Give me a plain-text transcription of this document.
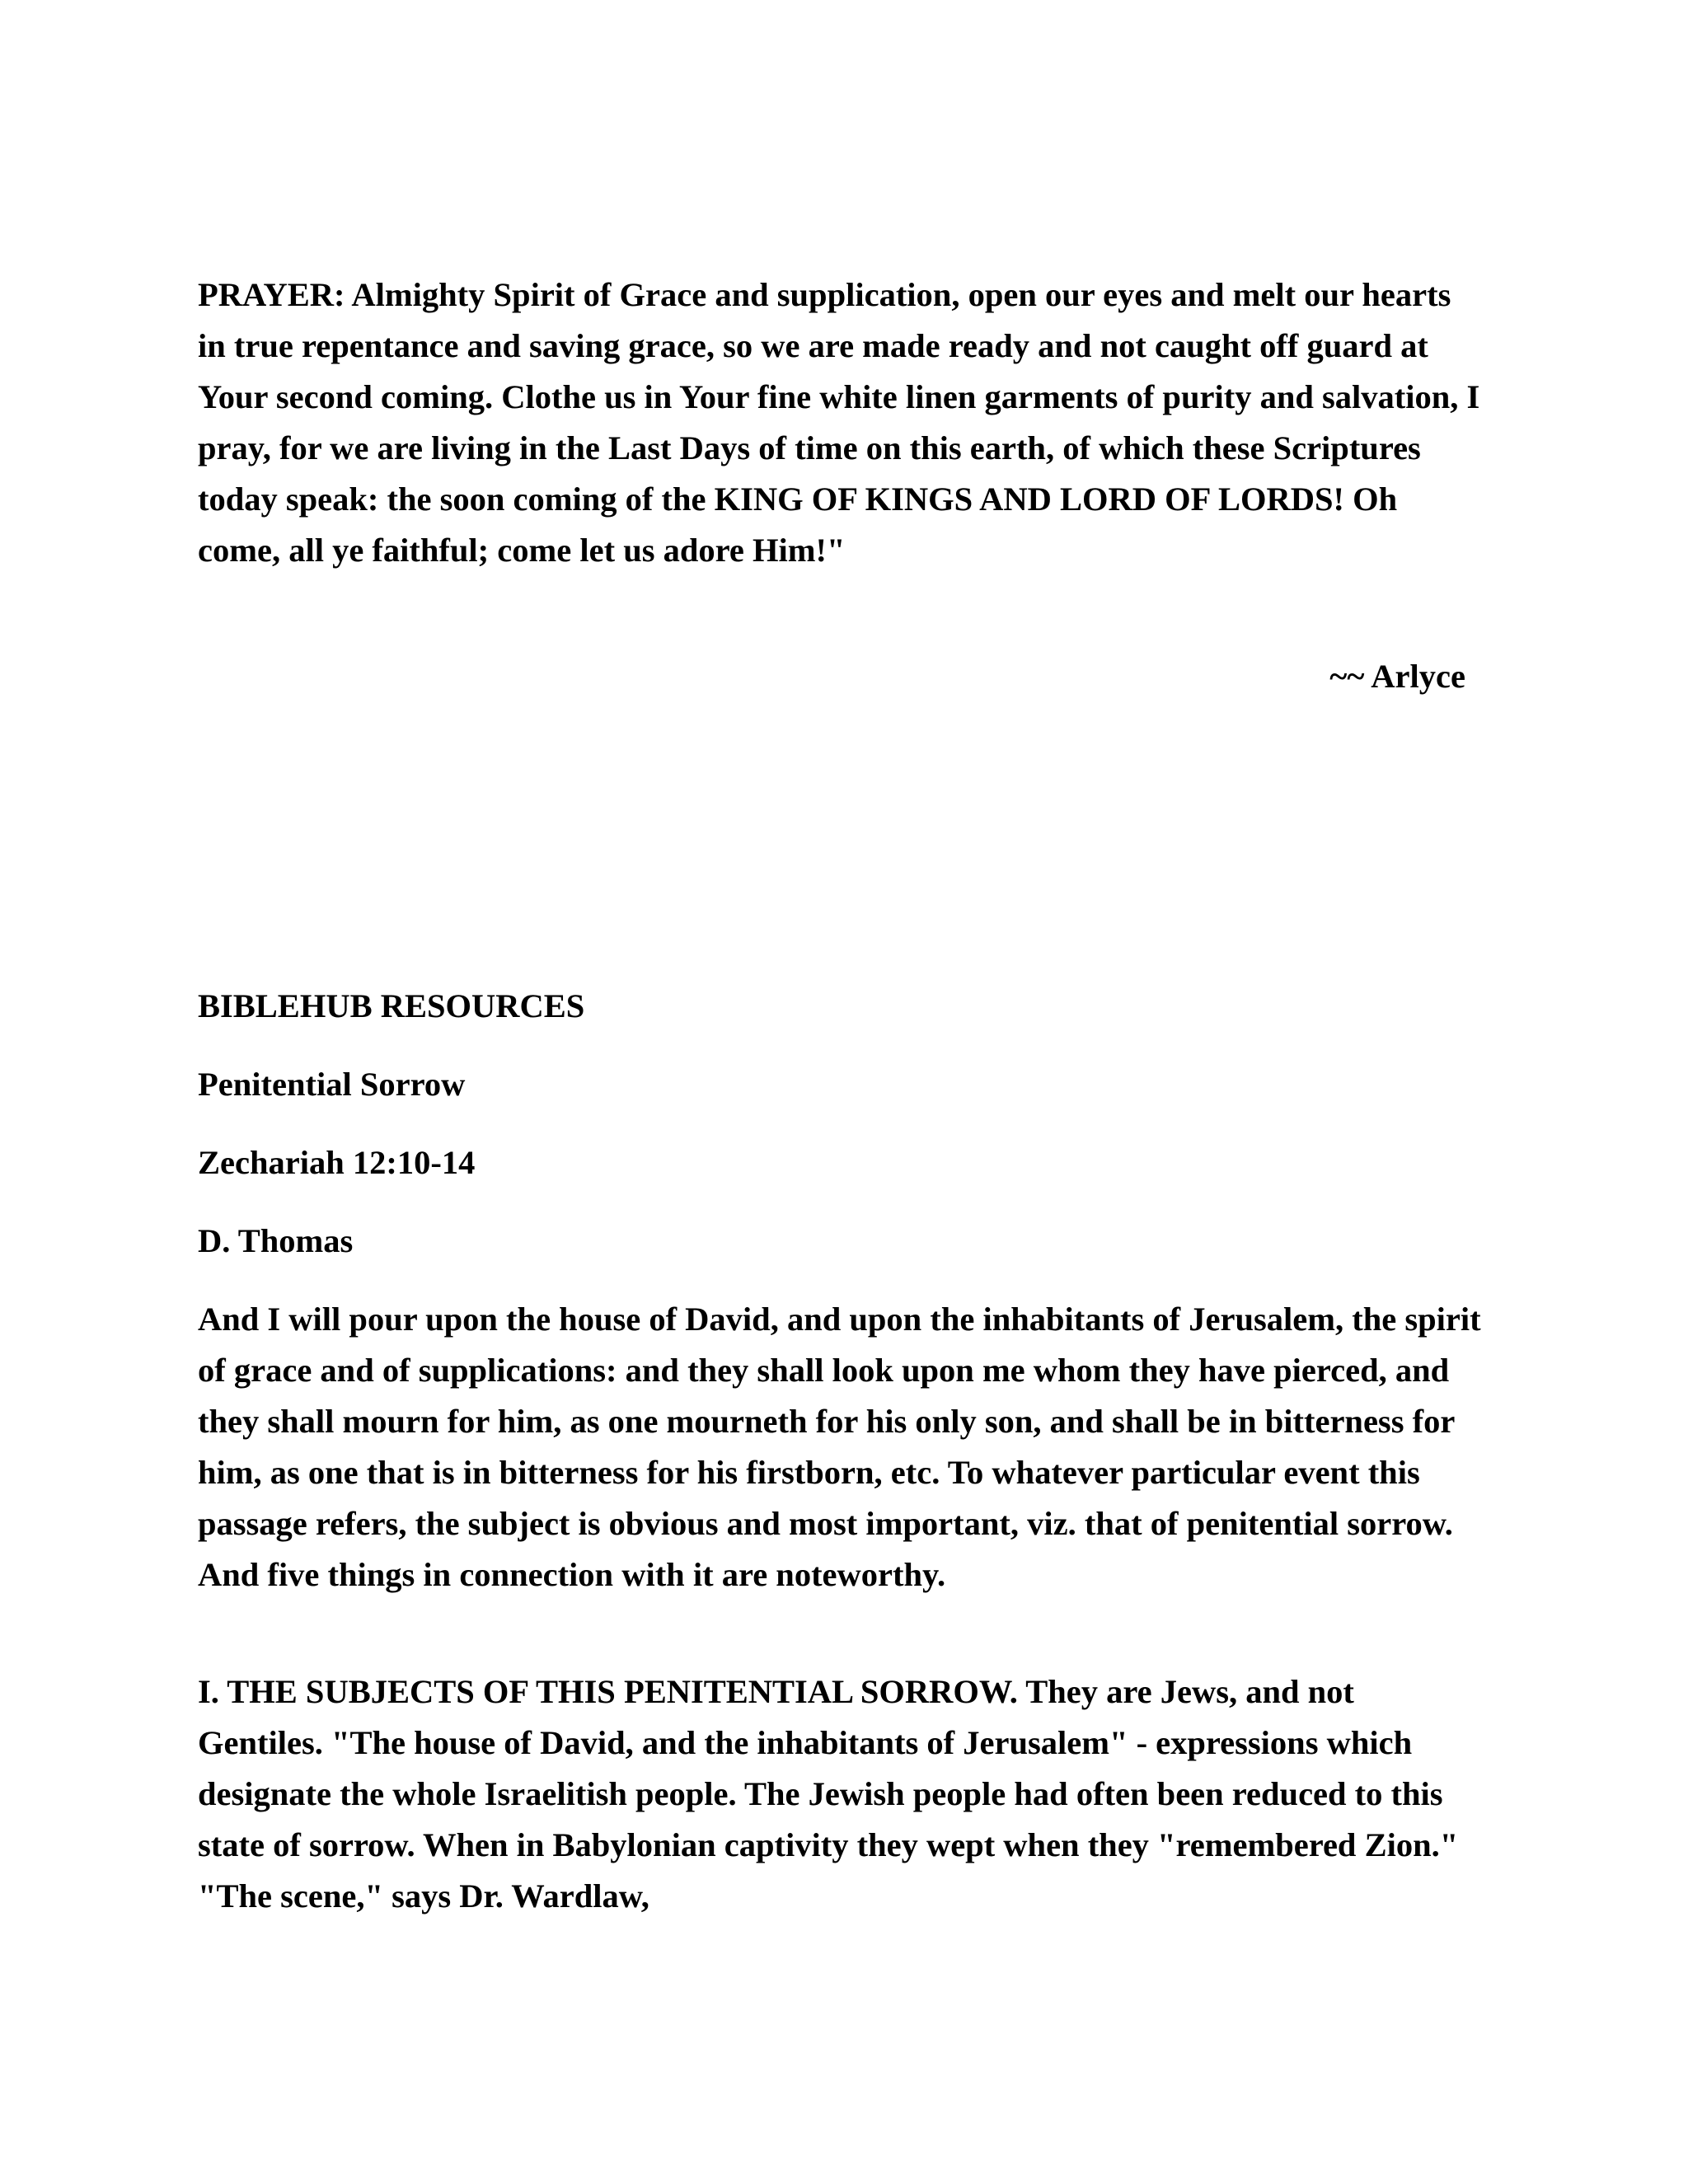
PRAYER: Almighty Spirit of Grace and supplication, open our eyes and melt our hearts in true repentance and saving grace, so we are made ready and not caught off guard at Your second coming. Clothe us in Your fine white linen garments of purity and salvation, I pray, for we are living in the Last Days of time on this earth, of which these Scriptures today speak: the soon coming of the KING OF KINGS AND LORD OF LORDS! Oh come, all ye faithful; come let us adore Him!"

~~ Arlyce

BIBLEHUB RESOURCES

Penitential Sorrow

Zechariah 12:10-14

D. Thomas

And I will pour upon the house of David, and upon the inhabitants of Jerusalem, the spirit of grace and of supplications: and they shall look upon me whom they have pierced, and they shall mourn for him, as one mourneth for his only son, and shall be in bitterness for him, as one that is in bitterness for his firstborn, etc. To whatever particular event this passage refers, the subject is obvious and most important, viz. that of penitential sorrow. And five things in connection with it are noteworthy.

I. THE SUBJECTS OF THIS PENITENTIAL SORROW. They are Jews, and not Gentiles. "The house of David, and the inhabitants of Jerusalem" - expressions which designate the whole Israelitish people. The Jewish people had often been reduced to this state of sorrow. When in Babylonian captivity they wept when they "remembered Zion." "The scene," says Dr. Wardlaw,
